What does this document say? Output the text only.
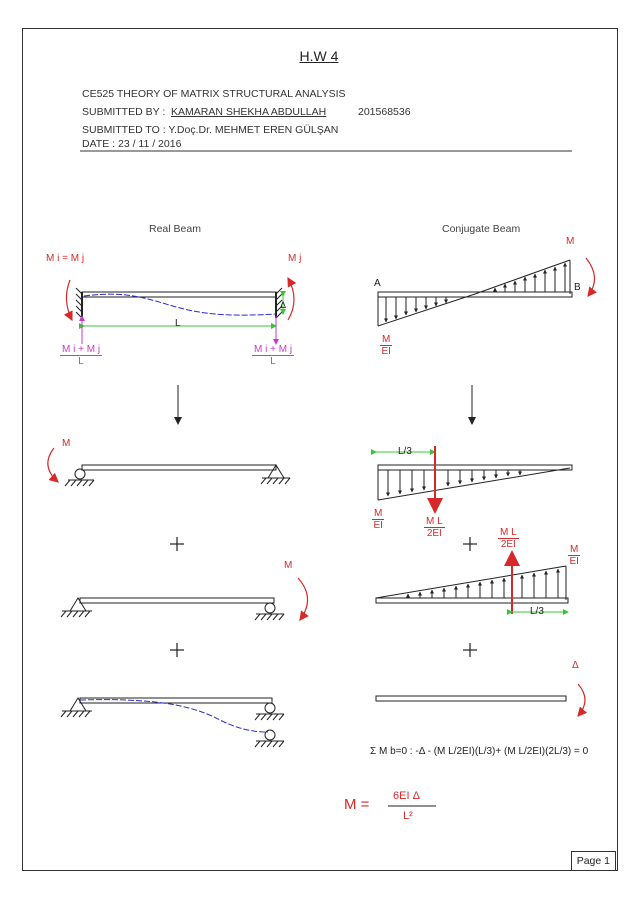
H.W 4
CE525 THEORY OF MATRIX STRUCTURAL ANALYSIS
SUBMITTED BY : KAMARAN SHEKHA ABDULLAH	201568536
SUBMITTED TO : Y.Doç.Dr. MEHMET EREN GÜLŞAN
DATE : 23 / 11 / 2016
Real Beam	Conjugate Beam
M i = M j	M j
Δ
L
$\frac{\text{M i + M j}}{L}$	$\frac{\text{M i + M j}}{L}$
M
A	B
$\frac{M}{EI}$
M
L/3
$\frac{M}{EI}$	$\frac{\text{M L}}{2EI}$
M
$\frac{\text{M L}}{2EI}$
$\frac{M}{EI}$
L/3
Δ
Σ M b=0 : -Δ - (M L/2EI)(L/3)+ (M L/2EI)(2L/3) = 0
M = 6EI Δ
L²
Page 1
